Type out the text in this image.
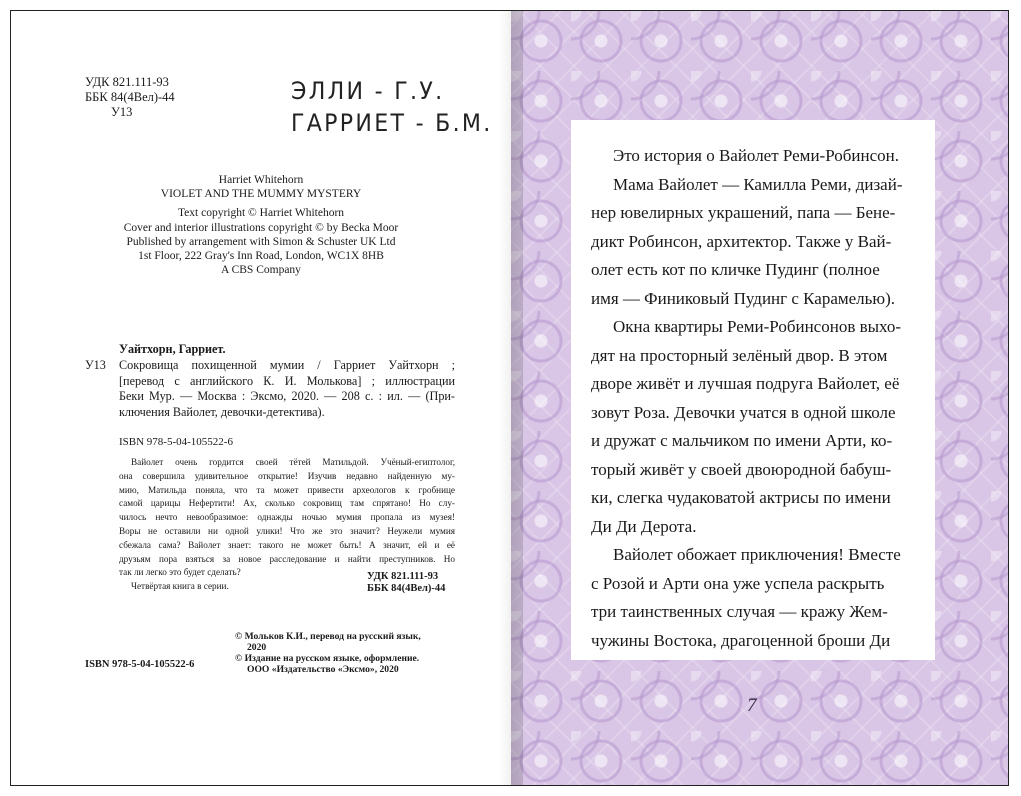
УДК 821.111-93
ББК 84(4Вел)-44
У13
ЭЛЛИ - Г.У.
ГАРРИЕТ - Б.М.
Harriet Whitehorn
VIOLET AND THE MUMMY MYSTERY
Text copyright © Harriet Whitehorn
Cover and interior illustrations copyright © by Becka Moor
Published by arrangement with Simon & Schuster UK Ltd
1st Floor, 222 Gray's Inn Road, London, WC1X 8HB
A CBS Company
Уайтхорн, Гарриет.
У13	Сокровища похищенной мумии / Гарриет Уайтхорн ;
[перевод с английского К. И. Молькова] ; иллюстрации
Беки Мур. — Москва : Эксмо, 2020. — 208 с. : ил. — (При-
ключения Вайолет, девочки-детектива).
ISBN 978-5-04-105522-6
Вайолет очень гордится своей тётей Матильдой. Учёный-египтолог,
она совершила удивительное открытие! Изучив недавно найденную му-
мию, Матильда поняла, что та может привести археологов к гробнице
самой царицы Нефертити! Ах, сколько сокровищ там спрятано! Но слу-
чилось нечто невообразимое: однажды ночью мумия пропала из музея!
Воры не оставили ни одной улики! Что же это значит? Неужели мумия
сбежала сама? Вайолет знает: такого не может быть! А значит, ей и её
друзьям пора взяться за новое расследование и найти преступников. Но
так ли легко это будет сделать?
Четвёртая книга в серии.
УДК 821.111-93
ББК 84(4Вел)-44
© Мольков К.И., перевод на русский язык,
2020
© Издание на русском языке, оформление.
ООО «Издательство «Эксмо», 2020
ISBN 978-5-04-105522-6

Это история о Вайолет Реми-Робинсон.

Мама Вайолет — Камилла Реми, дизай-

нер ювелирных украшений, папа — Бене-

дикт Робинсон, архитектор. Также у Вай-

олет есть кот по кличке Пудинг (полное

имя — Финиковый Пудинг с Карамелью).

Окна квартиры Реми-Робинсонов выхо-

дят на просторный зелёный двор. В этом

дворе живёт и лучшая подруга Вайолет, её

зовут Роза. Девочки учатся в одной школе

и дружат с мальчиком по имени Арти, ко-

торый живёт у своей двоюродной бабуш-

ки, слегка чудаковатой актрисы по имени

Ди Ди Дерота.

Вайолет обожает приключения! Вместе

с Розой и Арти она уже успела раскрыть

три таинственных случая — кражу Жем-

чужины Востока, драгоценной броши Ди

7
